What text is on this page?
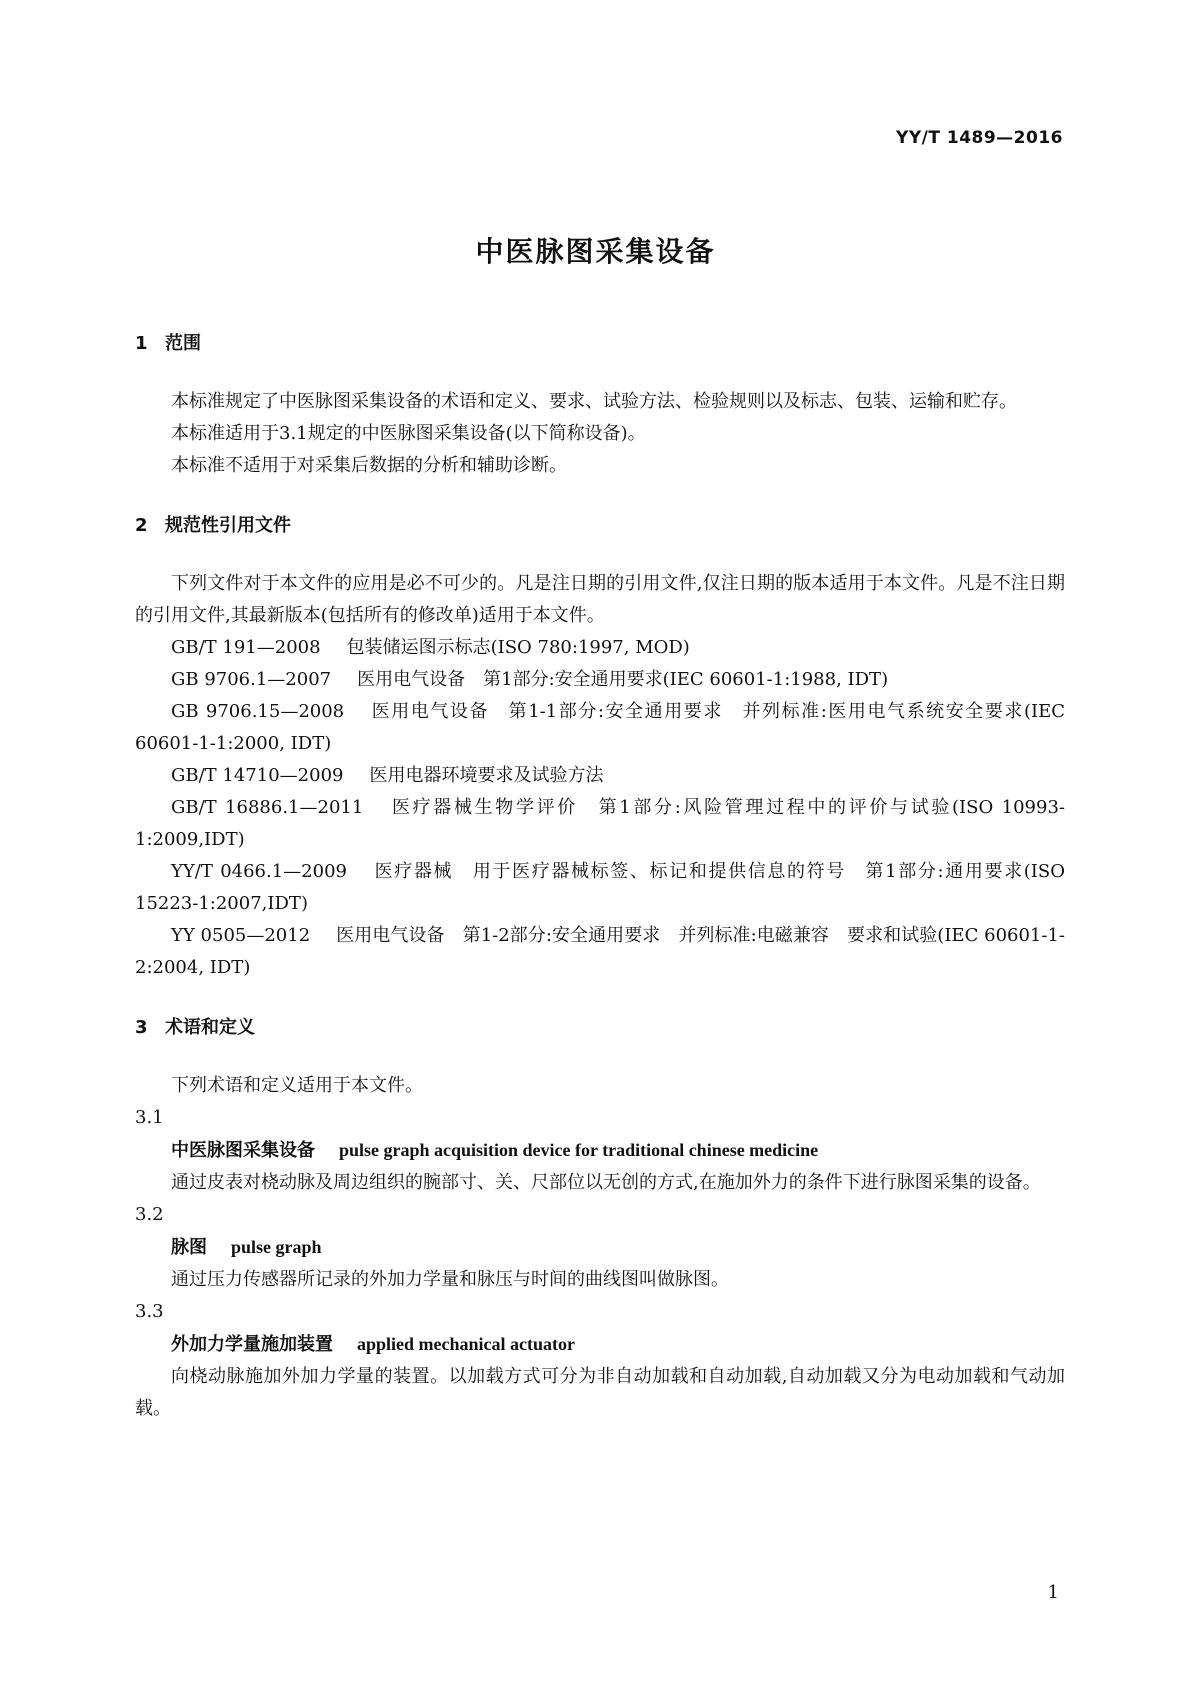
YY/T 1489—2016
中医脉图采集设备
1 范围

本标准规定了中医脉图采集设备的术语和定义、要求、试验方法、检验规则以及标志、包装、运输和贮存。

本标准适用于3.1规定的中医脉图采集设备(以下简称设备)。

本标准不适用于对采集后数据的分析和辅助诊断。

2 规范性引用文件

下列文件对于本文件的应用是必不可少的。凡是注日期的引用文件,仅注日期的版本适用于本文件。凡是不注日期的引用文件,其最新版本(包括所有的修改单)适用于本文件。

GB/T 191—2008 包装储运图示标志(ISO 780:1997, MOD)

GB 9706.1—2007 医用电气设备　第1部分:安全通用要求(IEC 60601-1:1988, IDT)

GB 9706.15—2008 医用电气设备　第1-1部分:安全通用要求　并列标准:医用电气系统安全要求(IEC 60601-1-1:2000, IDT)

GB/T 14710—2009 医用电器环境要求及试验方法

GB/T 16886.1—2011 医疗器械生物学评价　第1部分:风险管理过程中的评价与试验(ISO 10993-1:2009,IDT)

YY/T 0466.1—2009 医疗器械　用于医疗器械标签、标记和提供信息的符号　第1部分:通用要求(ISO 15223-1:2007,IDT)

YY 0505—2012 医用电气设备　第1-2部分:安全通用要求　并列标准:电磁兼容　要求和试验(IEC 60601-1-2:2004, IDT)

3 术语和定义

下列术语和定义适用于本文件。

3.1

中医脉图采集设备 pulse graph acquisition device for traditional chinese medicine

通过皮表对桡动脉及周边组织的腕部寸、关、尺部位以无创的方式,在施加外力的条件下进行脉图采集的设备。

3.2

脉图 pulse graph

通过压力传感器所记录的外加力学量和脉压与时间的曲线图叫做脉图。

3.3

外加力学量施加装置 applied mechanical actuator

向桡动脉施加外加力学量的装置。以加载方式可分为非自动加载和自动加载,自动加载又分为电动加载和气动加载。

1
